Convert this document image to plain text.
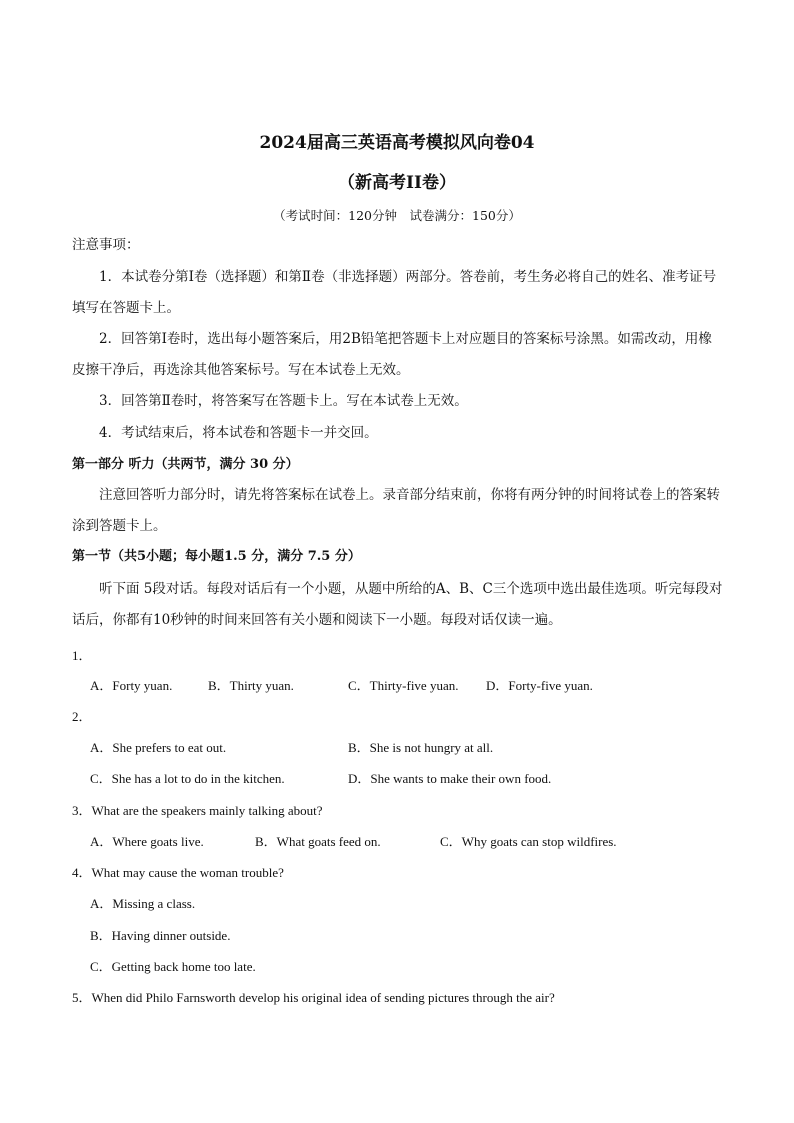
2024届高三英语高考模拟风向卷04
（新高考II卷）
（考试时间：120分钟　试卷满分：150分）
注意事项：
1．本试卷分第Ⅰ卷（选择题）和第Ⅱ卷（非选择题）两部分。答卷前，考生务必将自己的姓名、准考证号填写在答题卡上。
2．回答第Ⅰ卷时，选出每小题答案后，用2B铅笔把答题卡上对应题目的答案标号涂黑。如需改动，用橡皮擦干净后，再选涂其他答案标号。写在本试卷上无效。
3．回答第Ⅱ卷时，将答案写在答题卡上。写在本试卷上无效。
4．考试结束后，将本试卷和答题卡一并交回。
第一部分 听力（共两节，满分 30 分）
注意回答听力部分时，请先将答案标在试卷上。录音部分结束前，你将有两分钟的时间将试卷上的答案转涂到答题卡上。
第一节（共5小题；每小题1.5 分，满分 7.5 分）
听下面 5段对话。每段对话后有一个小题，从题中所给的A、B、C三个选项中选出最佳选项。听完每段对话后，你都有10秒钟的时间来回答有关小题和阅读下一小题。每段对话仅读一遍。
1．
A．Forty yuan.	B．Thirty yuan.	C．Thirty-five yuan. D．Forty-five yuan.
2．
A．She prefers to eat out.	B．She is not hungry at all.
C．She has a lot to do in the kitchen.	D．She wants to make their own food.
3．What are the speakers mainly talking about?
A．Where goats live.	B．What goats feed on.	C．Why goats can stop wildfires.
4．What may cause the woman trouble?
A．Missing a class.
B．Having dinner outside.
C．Getting back home too late.
5．When did Philo Farnsworth develop his original idea of sending pictures through the air?
